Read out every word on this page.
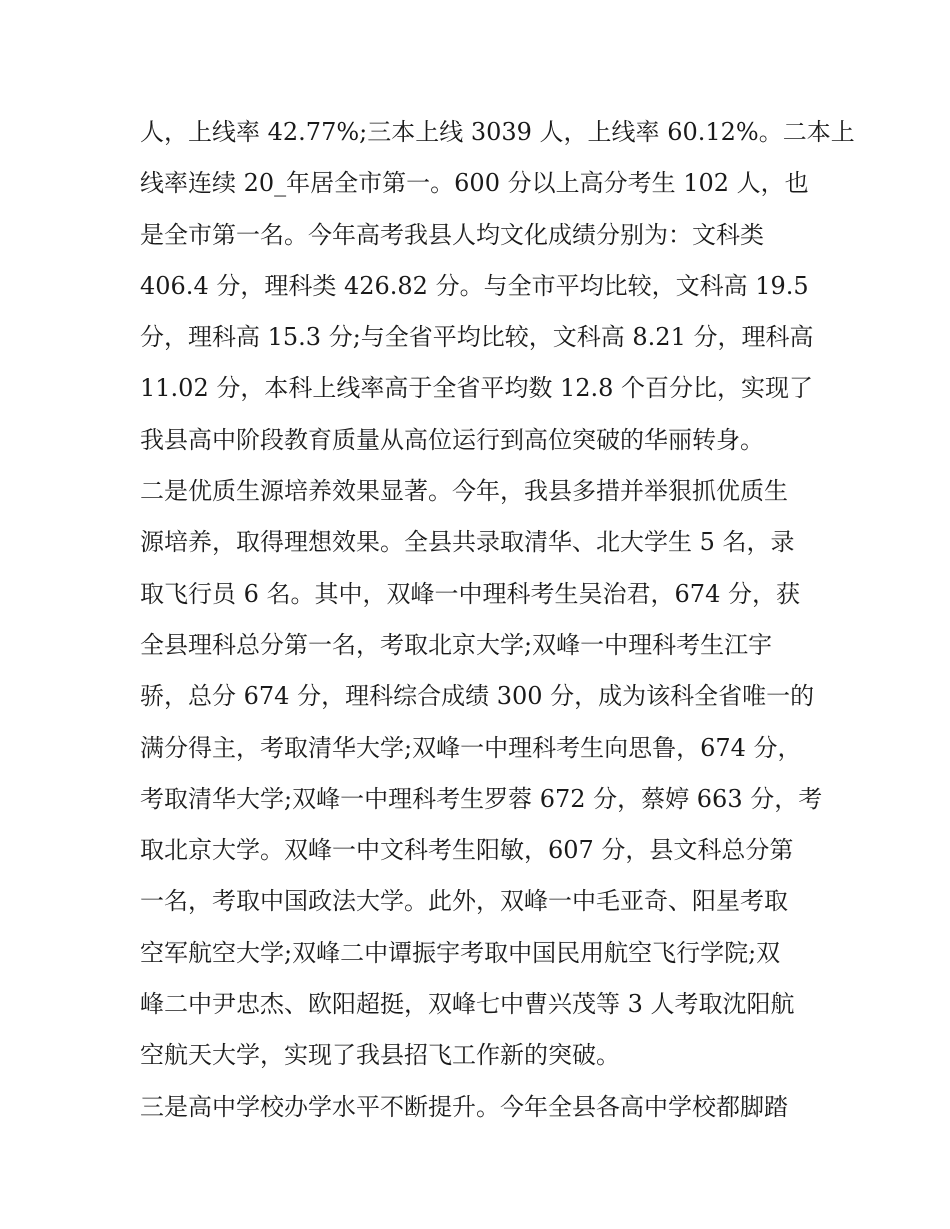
人，上线率 42.77%;三本上线 3039 人，上线率 60.12%。二本上
线率连续 20_年居全市第一。600 分以上高分考生 102 人，也
是全市第一名。今年高考我县人均文化成绩分别为：文科类
406.4 分，理科类 426.82 分。与全市平均比较，文科高 19.5
分，理科高 15.3 分;与全省平均比较，文科高 8.21 分，理科高
11.02 分，本科上线率高于全省平均数 12.8 个百分比，实现了
我县高中阶段教育质量从高位运行到高位突破的华丽转身。
二是优质生源培养效果显著。今年，我县多措并举狠抓优质生
源培养，取得理想效果。全县共录取清华、北大学生 5 名，录
取飞行员 6 名。其中，双峰一中理科考生吴治君，674 分，获
全县理科总分第一名，考取北京大学;双峰一中理科考生江宇
骄，总分 674 分，理科综合成绩 300 分，成为该科全省唯一的
满分得主，考取清华大学;双峰一中理科考生向思鲁，674 分，
考取清华大学;双峰一中理科考生罗蓉 672 分，蔡婷 663 分，考
取北京大学。双峰一中文科考生阳敏，607 分，县文科总分第
一名，考取中国政法大学。此外，双峰一中毛亚奇、阳星考取
空军航空大学;双峰二中谭振宇考取中国民用航空飞行学院;双
峰二中尹忠杰、欧阳超挺，双峰七中曹兴茂等 3 人考取沈阳航
空航天大学，实现了我县招飞工作新的突破。
三是高中学校办学水平不断提升。今年全县各高中学校都脚踏
